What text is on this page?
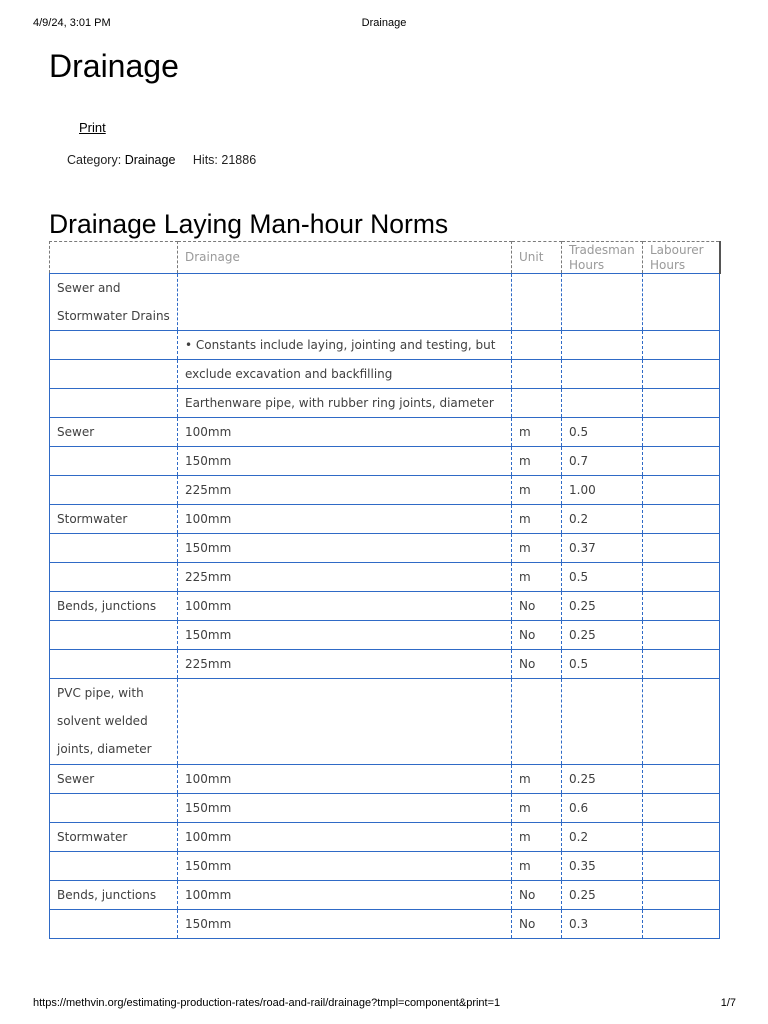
4/9/24, 3:01 PM	Drainage
Drainage
Print
Category: Drainage Hits: 21886
Drainage Laying Man-hour Norms
	Drainage	Unit	Tradesman Hours	Labourer Hours
Sewer and Stormwater Drains				
	• Constants include laying, jointing and testing, but			
	exclude excavation and backfilling			
	Earthenware pipe, with rubber ring joints, diameter			
Sewer	100mm	m	0.5	
	150mm	m	0.7	
	225mm	m	1.00	
Stormwater	100mm	m	0.2	
	150mm	m	0.37	
	225mm	m	0.5	
Bends, junctions	100mm	No	0.25	
	150mm	No	0.25	
	225mm	No	0.5	
PVC pipe, with solvent welded joints, diameter				
Sewer	100mm	m	0.25	
	150mm	m	0.6	
Stormwater	100mm	m	0.2	
	150mm	m	0.35	
Bends, junctions	100mm	No	0.25	
	150mm	No	0.3	
https://methvin.org/estimating-production-rates/road-and-rail/drainage?tmpl=component&print=1	1/7
